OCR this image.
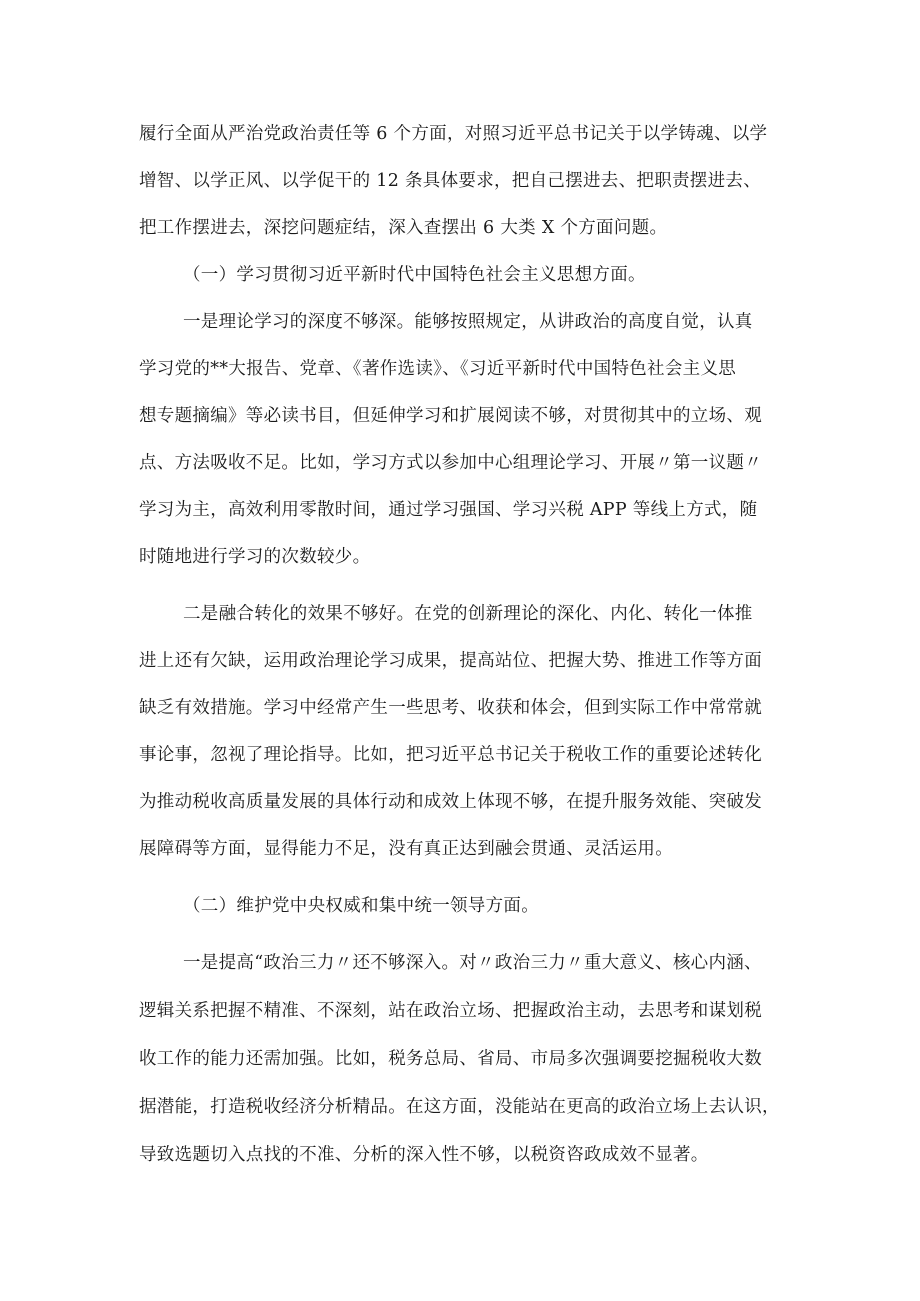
履行全面从严治党政治责任等 6 个方面，对照习近平总书记关于以学铸魂、以学
增智、以学正风、以学促干的 12 条具体要求，把自己摆进去、把职责摆进去、
把工作摆进去，深挖问题症结，深入查摆出 6 大类 X 个方面问题。
（一）学习贯彻习近平新时代中国特色社会主义思想方面。
一是理论学习的深度不够深。能够按照规定，从讲政治的高度自觉，认真
学习党的**大报告、党章、《著作选读》、《习近平新时代中国特色社会主义思
想专题摘编》等必读书目，但延伸学习和扩展阅读不够，对贯彻其中的立场、观
点、方法吸收不足。比如，学习方式以参加中心组理论学习、开展〃第一议题〃
学习为主，高效利用零散时间，通过学习强国、学习兴税 APP 等线上方式，随
时随地进行学习的次数较少。
二是融合转化的效果不够好。在党的创新理论的深化、内化、转化一体推
进上还有欠缺，运用政治理论学习成果，提高站位、把握大势、推进工作等方面
缺乏有效措施。学习中经常产生一些思考、收获和体会，但到实际工作中常常就
事论事，忽视了理论指导。比如，把习近平总书记关于税收工作的重要论述转化
为推动税收高质量发展的具体行动和成效上体现不够，在提升服务效能、突破发
展障碍等方面，显得能力不足，没有真正达到融会贯通、灵活运用。
（二）维护党中央权威和集中统一领导方面。
一是提高“政治三力〃还不够深入。对〃政治三力〃重大意义、核心内涵、
逻辑关系把握不精准、不深刻，站在政治立场、把握政治主动，去思考和谋划税
收工作的能力还需加强。比如，税务总局、省局、市局多次强调要挖掘税收大数
据潜能，打造税收经济分析精品。在这方面，没能站在更高的政治立场上去认识，
导致选题切入点找的不准、分析的深入性不够，以税资咨政成效不显著。
